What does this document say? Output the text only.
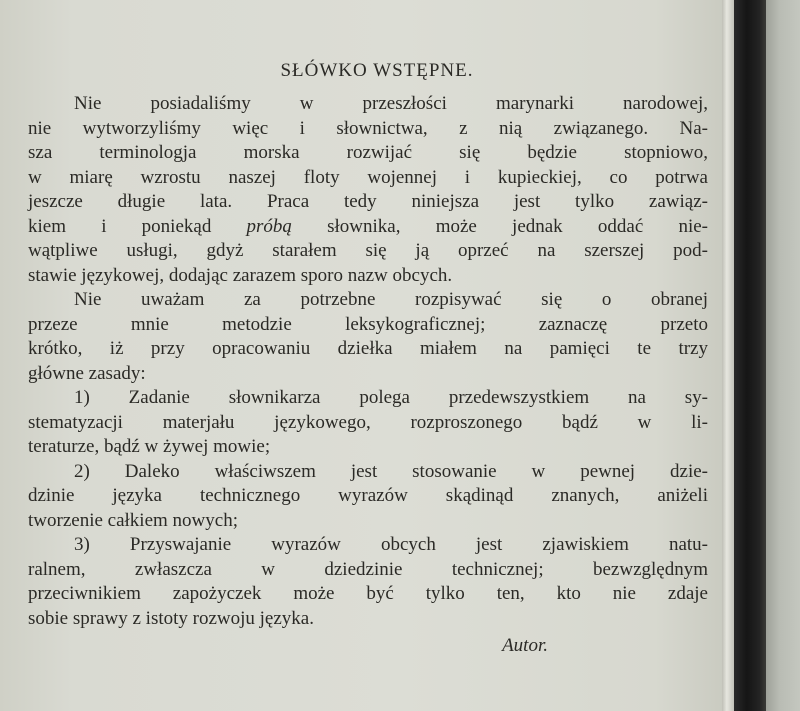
SŁÓWKO WSTĘPNE.
Nie posiadaliśmy w przeszłości marynarki narodowej,
nie wytworzyliśmy więc i słownictwa, z nią związanego. Na-
sza terminologja morska rozwijać się będzie stopniowo,
w miarę wzrostu naszej floty wojennej i kupieckiej, co potrwa
jeszcze długie lata. Praca tedy niniejsza jest tylko zawiąz-
kiem i poniekąd próbą słownika, może jednak oddać nie-
wątpliwe usługi, gdyż starałem się ją oprzeć na szerszej pod-
stawie językowej, dodając zarazem sporo nazw obcych.
Nie uważam za potrzebne rozpisywać się o obranej
przeze mnie metodzie leksykograficznej; zaznaczę przeto
krótko, iż przy opracowaniu dziełka miałem na pamięci te trzy
główne zasady:
1) Zadanie słownikarza polega przedewszystkiem na sy-
stematyzacji materjału językowego, rozproszonego bądź w li-
teraturze, bądź w żywej mowie;
2) Daleko właściwszem jest stosowanie w pewnej dzie-
dzinie języka technicznego wyrazów skądinąd znanych, aniżeli
tworzenie całkiem nowych;
3) Przyswajanie wyrazów obcych jest zjawiskiem natu-
ralnem, zwłaszcza w dziedzinie technicznej; bezwzględnym
przeciwnikiem zapożyczek może być tylko ten, kto nie zdaje
sobie sprawy z istoty rozwoju języka.
Autor.
